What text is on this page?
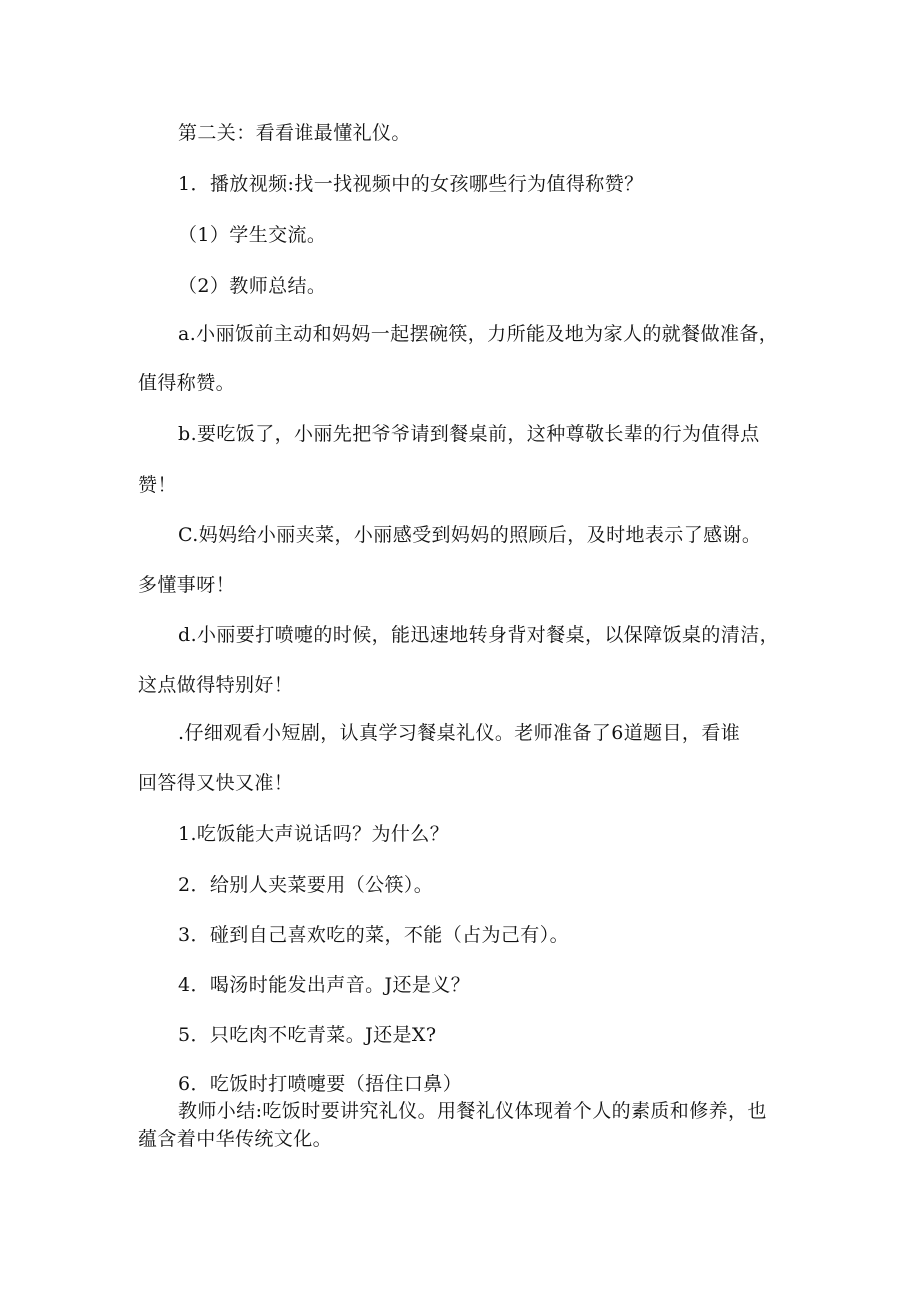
第二关：看看谁最懂礼仪。
1．播放视频:找一找视频中的女孩哪些行为值得称赞？
（1）学生交流。
（2）教师总结。
a.小丽饭前主动和妈妈一起摆碗筷，力所能及地为家人的就餐做准备，
值得称赞。
b.要吃饭了，小丽先把爷爷请到餐桌前，这种尊敬长辈的行为值得点
赞！
C.妈妈给小丽夹菜，小丽感受到妈妈的照顾后，及时地表示了感谢。
多懂事呀！
d.小丽要打喷嚏的时候，能迅速地转身背对餐桌，以保障饭桌的清洁，
这点做得特别好！
.仔细观看小短剧，认真学习餐桌礼仪。老师准备了6道题目，看谁
回答得又快又准！
1.吃饭能大声说话吗？为什么？
2．给别人夹菜要用（公筷）。
3．碰到自己喜欢吃的菜，不能（占为己有）。
4．喝汤时能发出声音。J还是义？
5．只吃肉不吃青菜。J还是X?
6．吃饭时打喷嚏要（捂住口鼻）
教师小结:吃饭时要讲究礼仪。用餐礼仪体现着个人的素质和修养，也
蕴含着中华传统文化。
